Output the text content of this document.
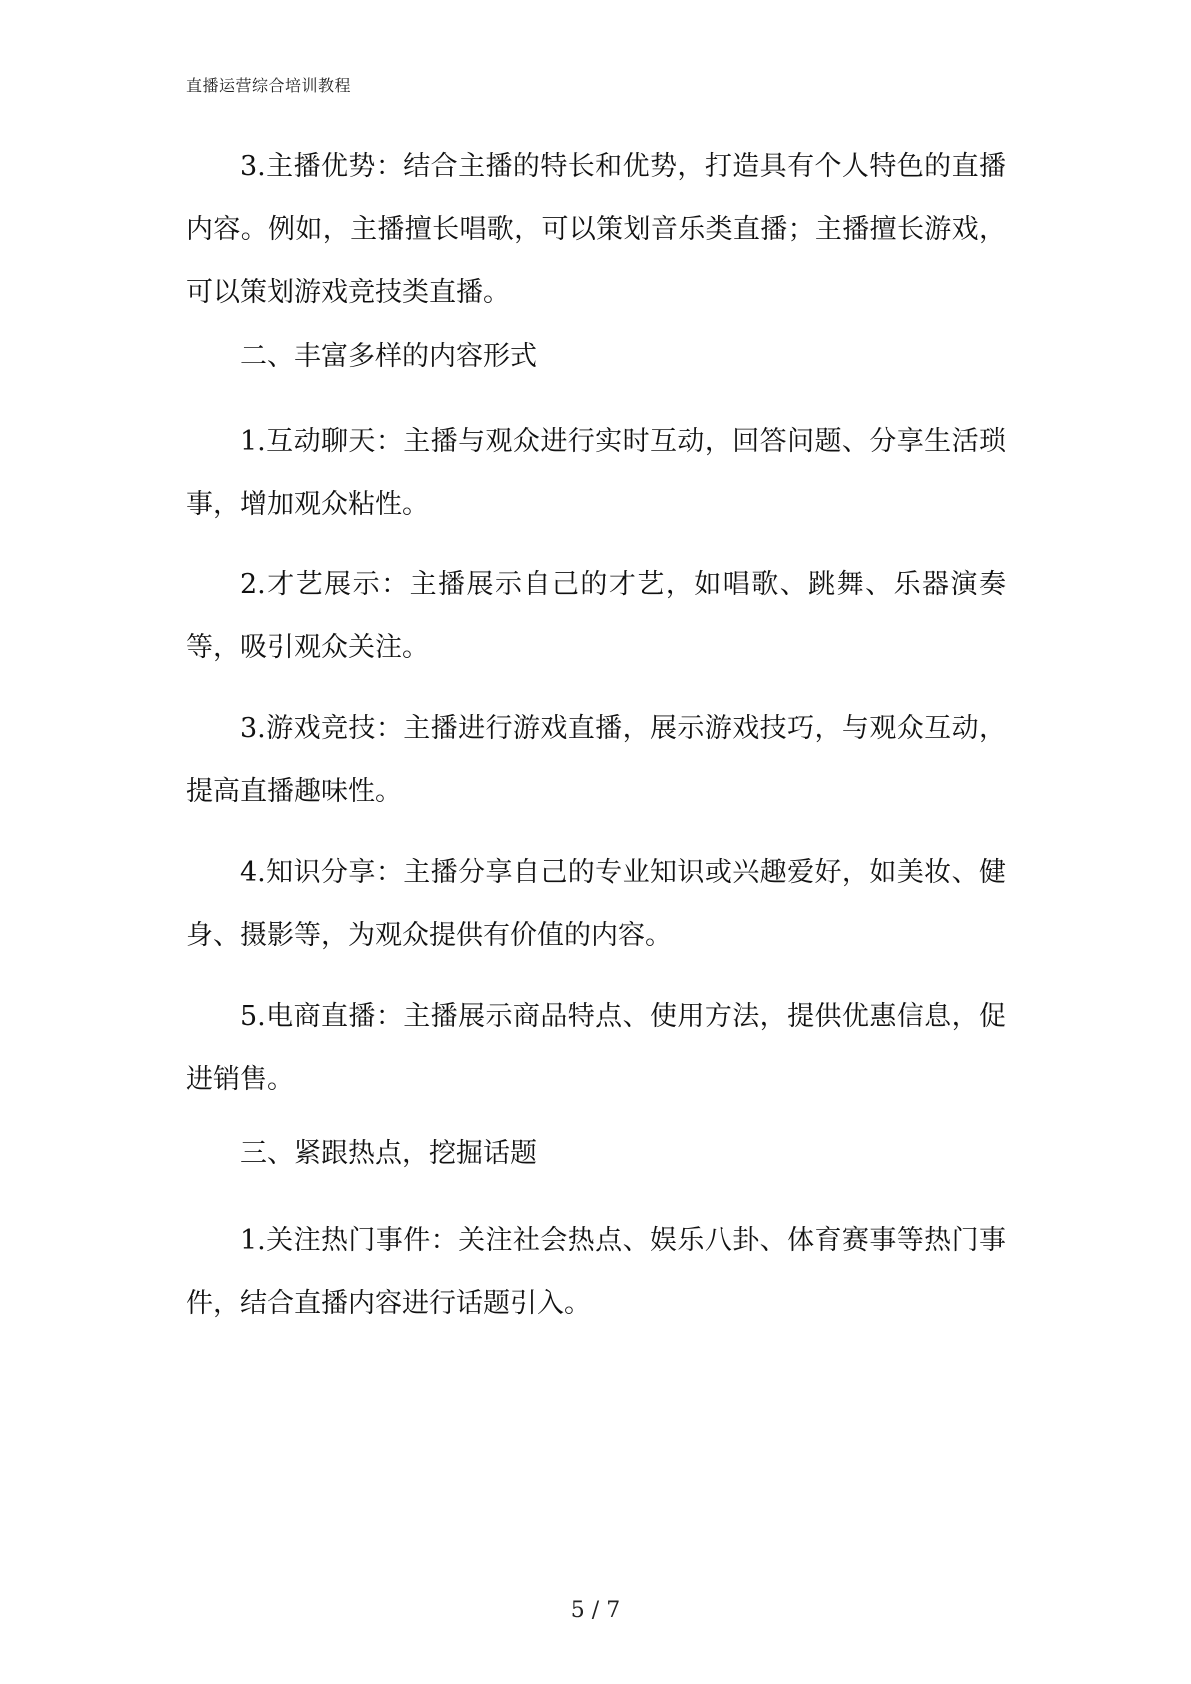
直播运营综合培训教程

3.主播优势：结合主播的特长和优势，打造具有个人特色的直播内容。例如，主播擅长唱歌，可以策划音乐类直播；主播擅长游戏，可以策划游戏竞技类直播。

二、丰富多样的内容形式

1.互动聊天：主播与观众进行实时互动，回答问题、分享生活琐事，增加观众粘性。

2.才艺展示：主播展示自己的才艺，如唱歌、跳舞、乐器演奏等，吸引观众关注。

3.游戏竞技：主播进行游戏直播，展示游戏技巧，与观众互动，提高直播趣味性。

4.知识分享：主播分享自己的专业知识或兴趣爱好，如美妆、健身、摄影等，为观众提供有价值的内容。

5.电商直播：主播展示商品特点、使用方法，提供优惠信息，促进销售。

三、紧跟热点，挖掘话题

1.关注热门事件：关注社会热点、娱乐八卦、体育赛事等热门事件，结合直播内容进行话题引入。

5 / 7
